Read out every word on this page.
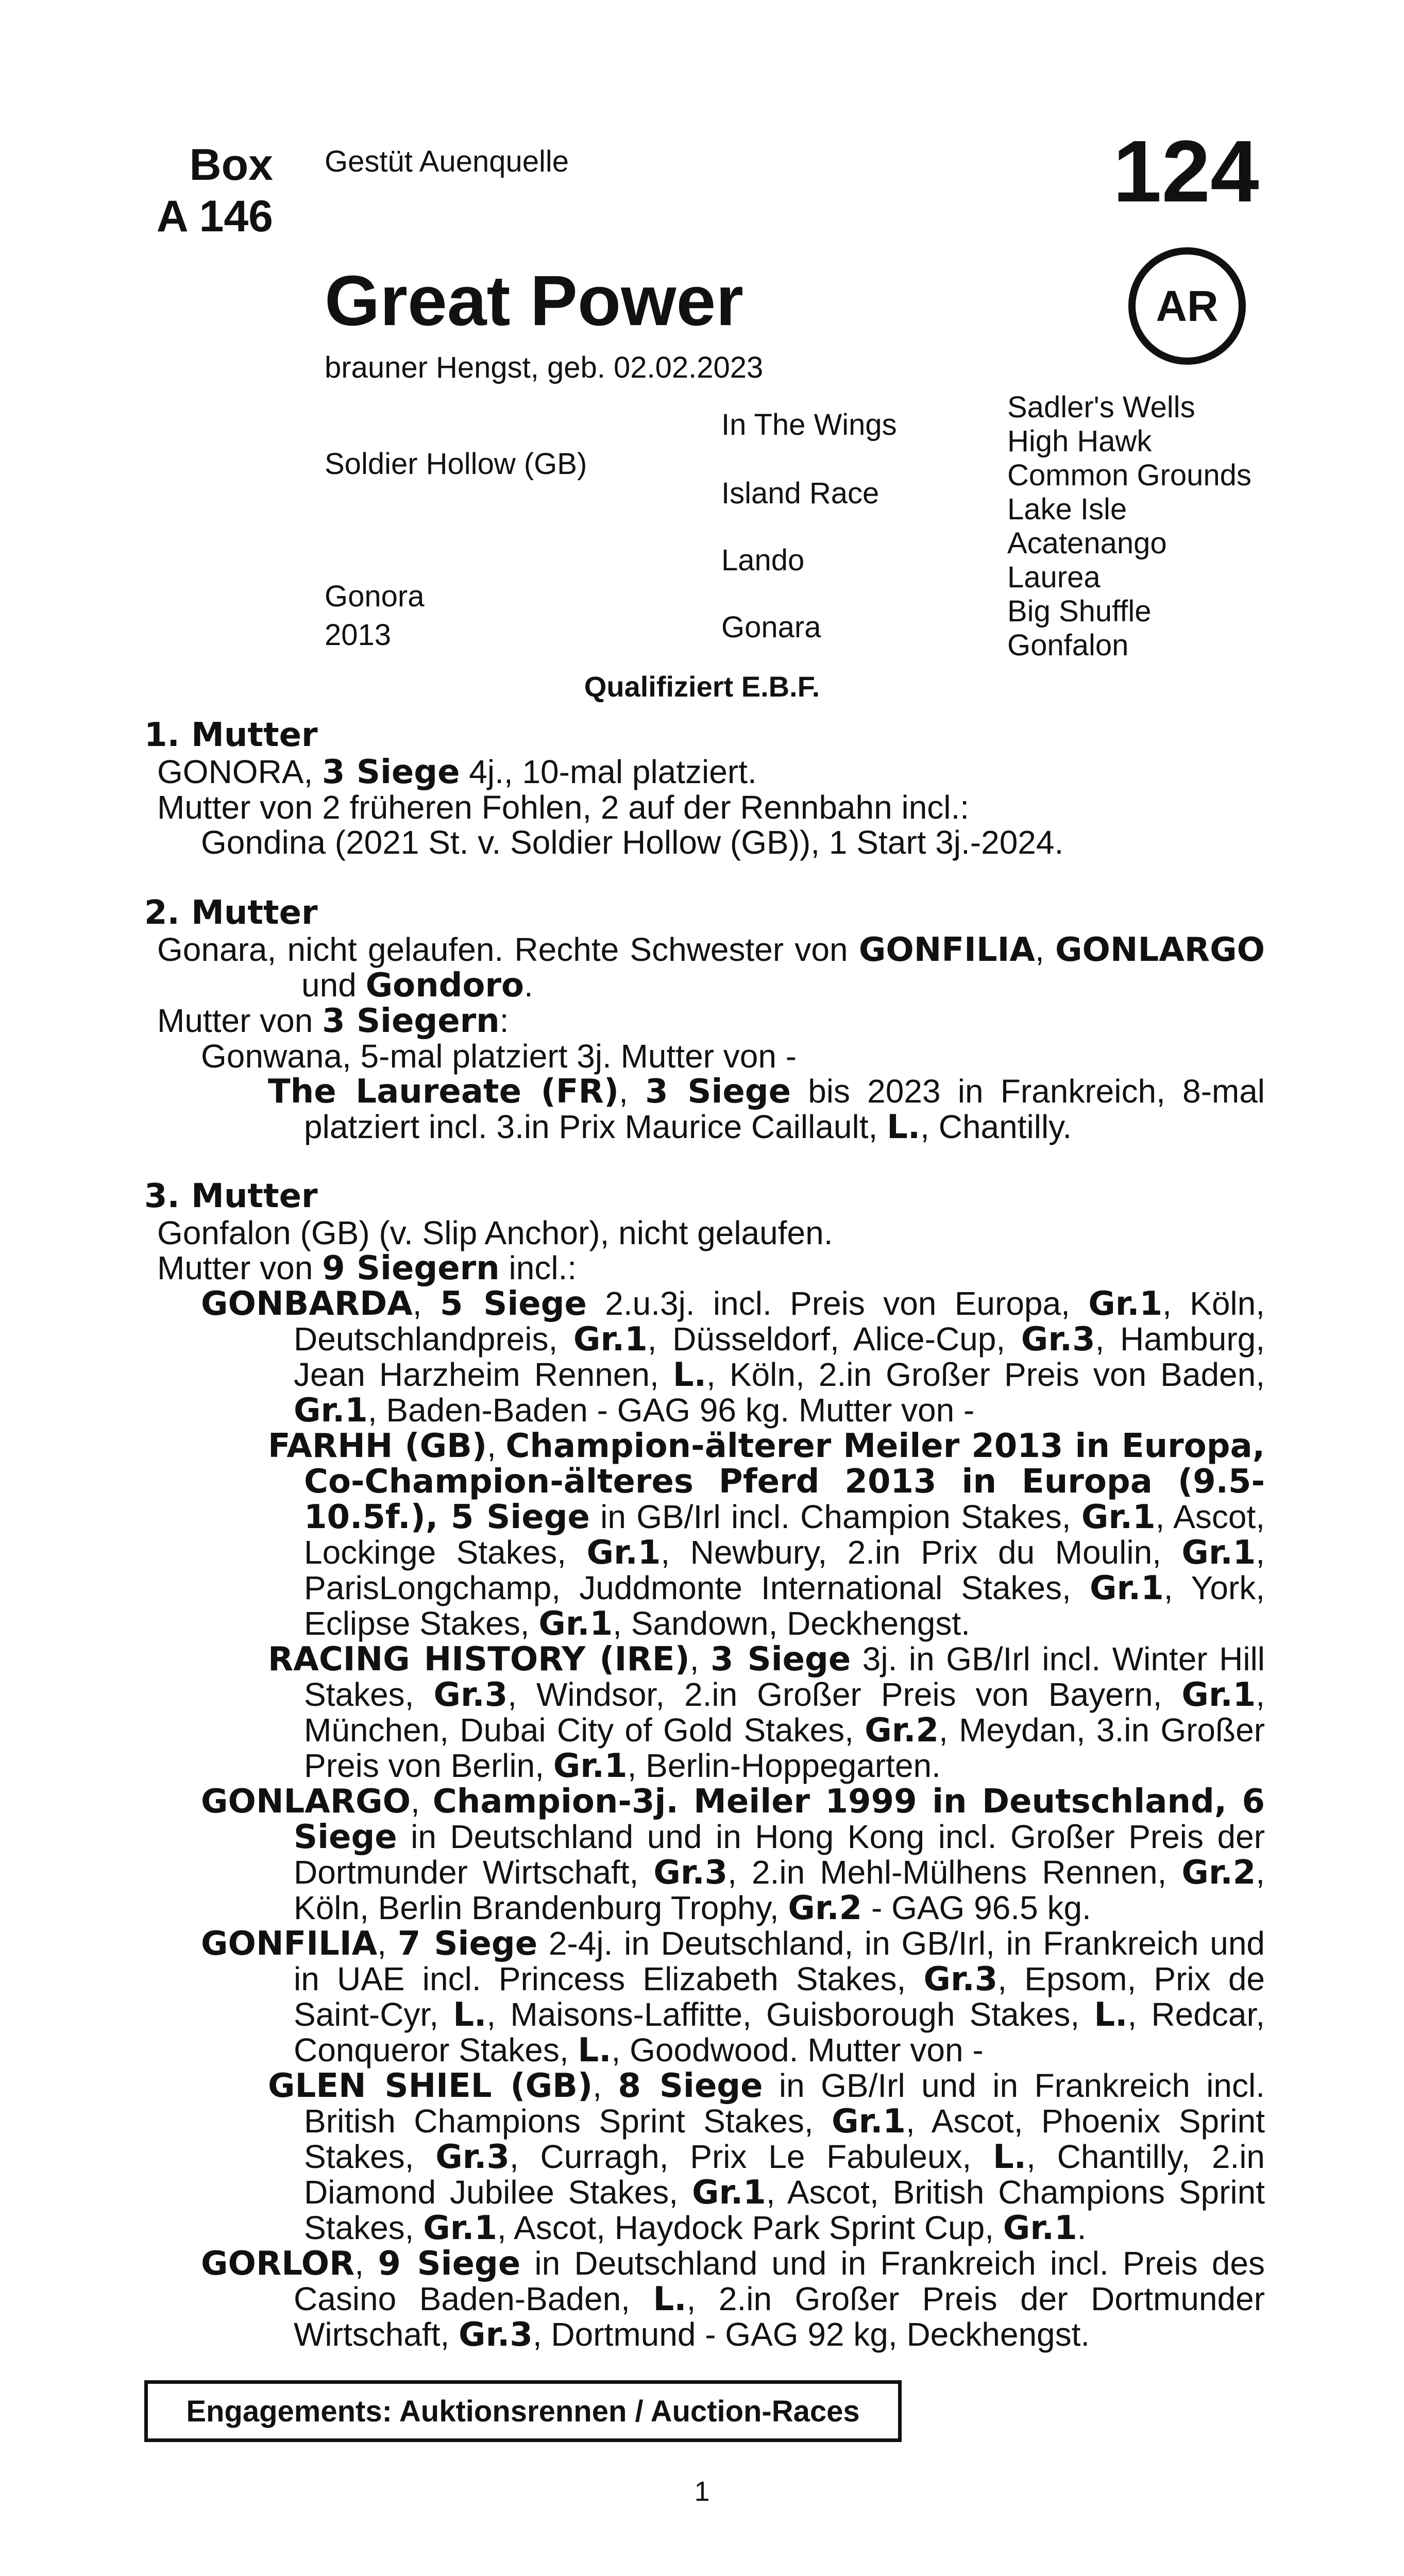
Box
A 146
Gestüt Auenquelle	124
AR
Great Power
brauner Hengst, geb. 02.02.2023
Soldier Hollow (GB)
Gonora
2013
In The Wings
Island Race
Lando
Gonara
Sadler's Wells
High Hawk
Common Grounds
Lake Isle
Acatenango
Laurea
Big Shuffle
Gonfalon
Qualifiziert E.B.F.
1. Mutter

GONORA, 3 Siege 4j., 10-mal platziert.

Mutter von 2 früheren Fohlen, 2 auf der Rennbahn incl.:

Gondina (2021 St. v. Soldier Hollow (GB)), 1 Start 3j.-2024.

2. Mutter

Gonara, nicht gelaufen. Rechte Schwester von GONFILIA, GONLARGO und Gondoro.

Mutter von 3 Siegern:

Gonwana, 5-mal platziert 3j. Mutter von -

The Laureate (FR), 3 Siege bis 2023 in Frankreich, 8-mal platziert incl. 3.in Prix Maurice Caillault, L., Chantilly.

3. Mutter

Gonfalon (GB) (v. Slip Anchor), nicht gelaufen.

Mutter von 9 Siegern incl.:

GONBARDA, 5 Siege 2.u.3j. incl. Preis von Europa, Gr.1, Köln, Deutschlandpreis, Gr.1, Düsseldorf, Alice-Cup, Gr.3, Hamburg, Jean Harzheim Rennen, L., Köln, 2.in Großer Preis von Baden, Gr.1, Baden-Baden - GAG 96 kg. Mutter von -

FARHH (GB), Champion-älterer Meiler 2013 in Europa, Co-Champion-älteres Pferd 2013 in Europa (9.5-10.5f.), 5 Siege in GB/Irl incl. Champion Stakes, Gr.1, Ascot, Lockinge Stakes, Gr.1, Newbury, 2.in Prix du Moulin, Gr.1, ParisLongchamp, Juddmonte International Stakes, Gr.1, York, Eclipse Stakes, Gr.1, Sandown, Deckhengst.

RACING HISTORY (IRE), 3 Siege 3j. in GB/Irl incl. Winter Hill Stakes, Gr.3, Windsor, 2.in Großer Preis von Bayern, Gr.1, München, Dubai City of Gold Stakes, Gr.2, Meydan, 3.in Großer Preis von Berlin, Gr.1, Berlin-Hoppegarten.

GONLARGO, Champion-3j. Meiler 1999 in Deutschland, 6 Siege in Deutschland und in Hong Kong incl. Großer Preis der Dortmunder Wirtschaft, Gr.3, 2.in Mehl-Mülhens Rennen, Gr.2, Köln, Berlin Brandenburg Trophy, Gr.2 - GAG 96.5 kg.

GONFILIA, 7 Siege 2-4j. in Deutschland, in GB/Irl, in Frankreich und in UAE incl. Princess Elizabeth Stakes, Gr.3, Epsom, Prix de Saint-Cyr, L., Maisons-Laffitte, Guisborough Stakes, L., Redcar, Conqueror Stakes, L., Goodwood. Mutter von -

GLEN SHIEL (GB), 8 Siege in GB/Irl und in Frankreich incl. British Champions Sprint Stakes, Gr.1, Ascot, Phoenix Sprint Stakes, Gr.3, Curragh, Prix Le Fabuleux, L., Chantilly, 2.in Diamond Jubilee Stakes, Gr.1, Ascot, British Champions Sprint Stakes, Gr.1, Ascot, Haydock Park Sprint Cup, Gr.1.

GORLOR, 9 Siege in Deutschland und in Frankreich incl. Preis des Casino Baden-Baden, L., 2.in Großer Preis der Dortmunder Wirtschaft, Gr.3, Dortmund - GAG 92 kg, Deckhengst.

Engagements: Auktionsrennen / Auction-Races
1
